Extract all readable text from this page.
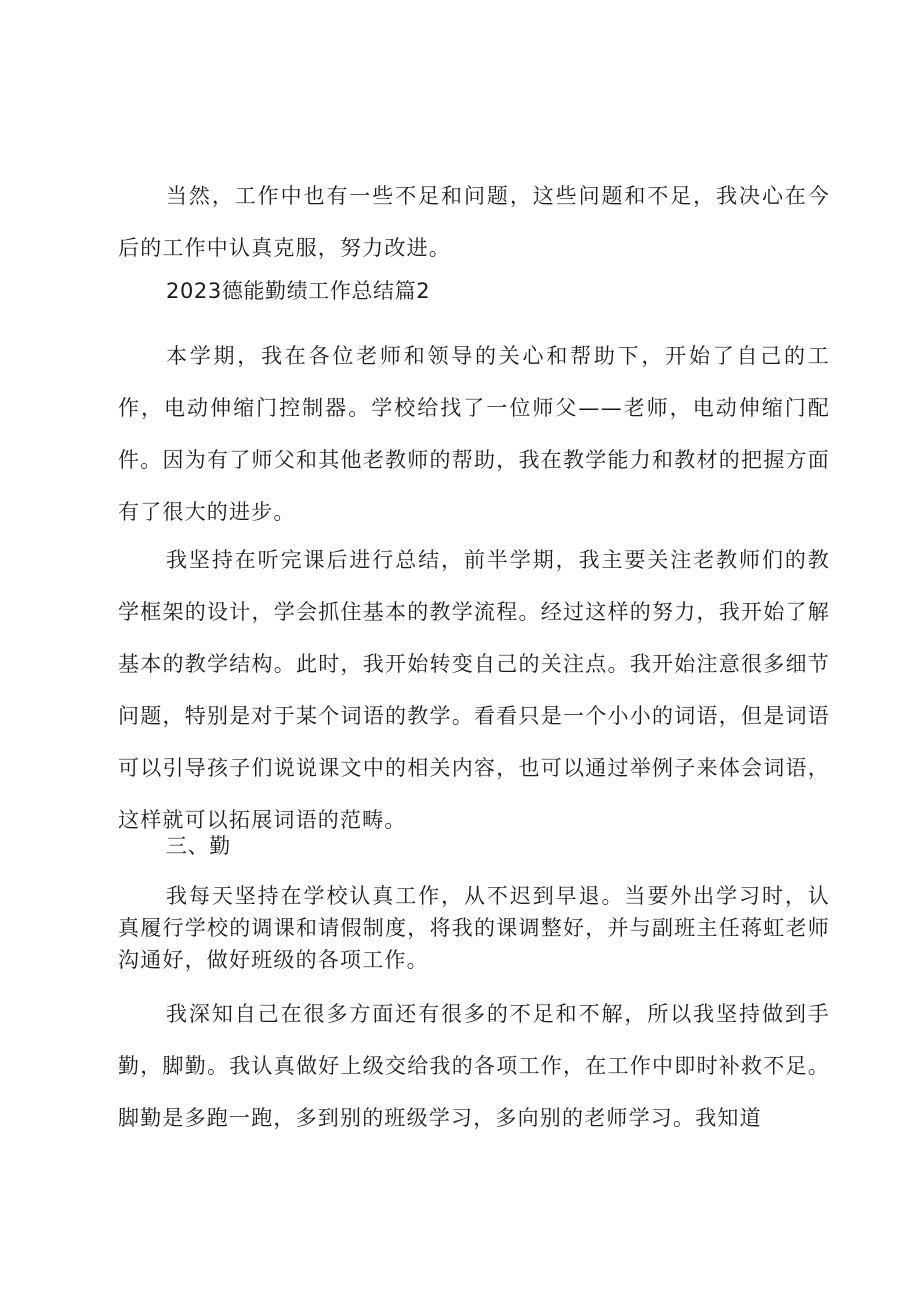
当然，工作中也有一些不足和问题，这些问题和不足，我决心在今后的工作中认真克服，努力改进。

2023德能勤绩工作总结篇2

本学期，我在各位老师和领导的关心和帮助下，开始了自己的工作，电动伸缩门控制器。学校给找了一位师父——老师，电动伸缩门配件。因为有了师父和其他老教师的帮助，我在教学能力和教材的把握方面有了很大的进步。

我坚持在听完课后进行总结，前半学期，我主要关注老教师们的教学框架的设计，学会抓住基本的教学流程。经过这样的努力，我开始了解基本的教学结构。此时，我开始转变自己的关注点。我开始注意很多细节问题，特别是对于某个词语的教学。看看只是一个小小的词语，但是词语可以引导孩子们说说课文中的相关内容，也可以通过举例子来体会词语，这样就可以拓展词语的范畴。

三、勤

我每天坚持在学校认真工作，从不迟到早退。当要外出学习时，认真履行学校的调课和请假制度，将我的课调整好，并与副班主任蒋虹老师沟通好，做好班级的各项工作。

我深知自己在很多方面还有很多的不足和不解，所以我坚持做到手勤，脚勤。我认真做好上级交给我的各项工作，在工作中即时补救不足。脚勤是多跑一跑，多到别的班级学习，多向别的老师学习。我知道
